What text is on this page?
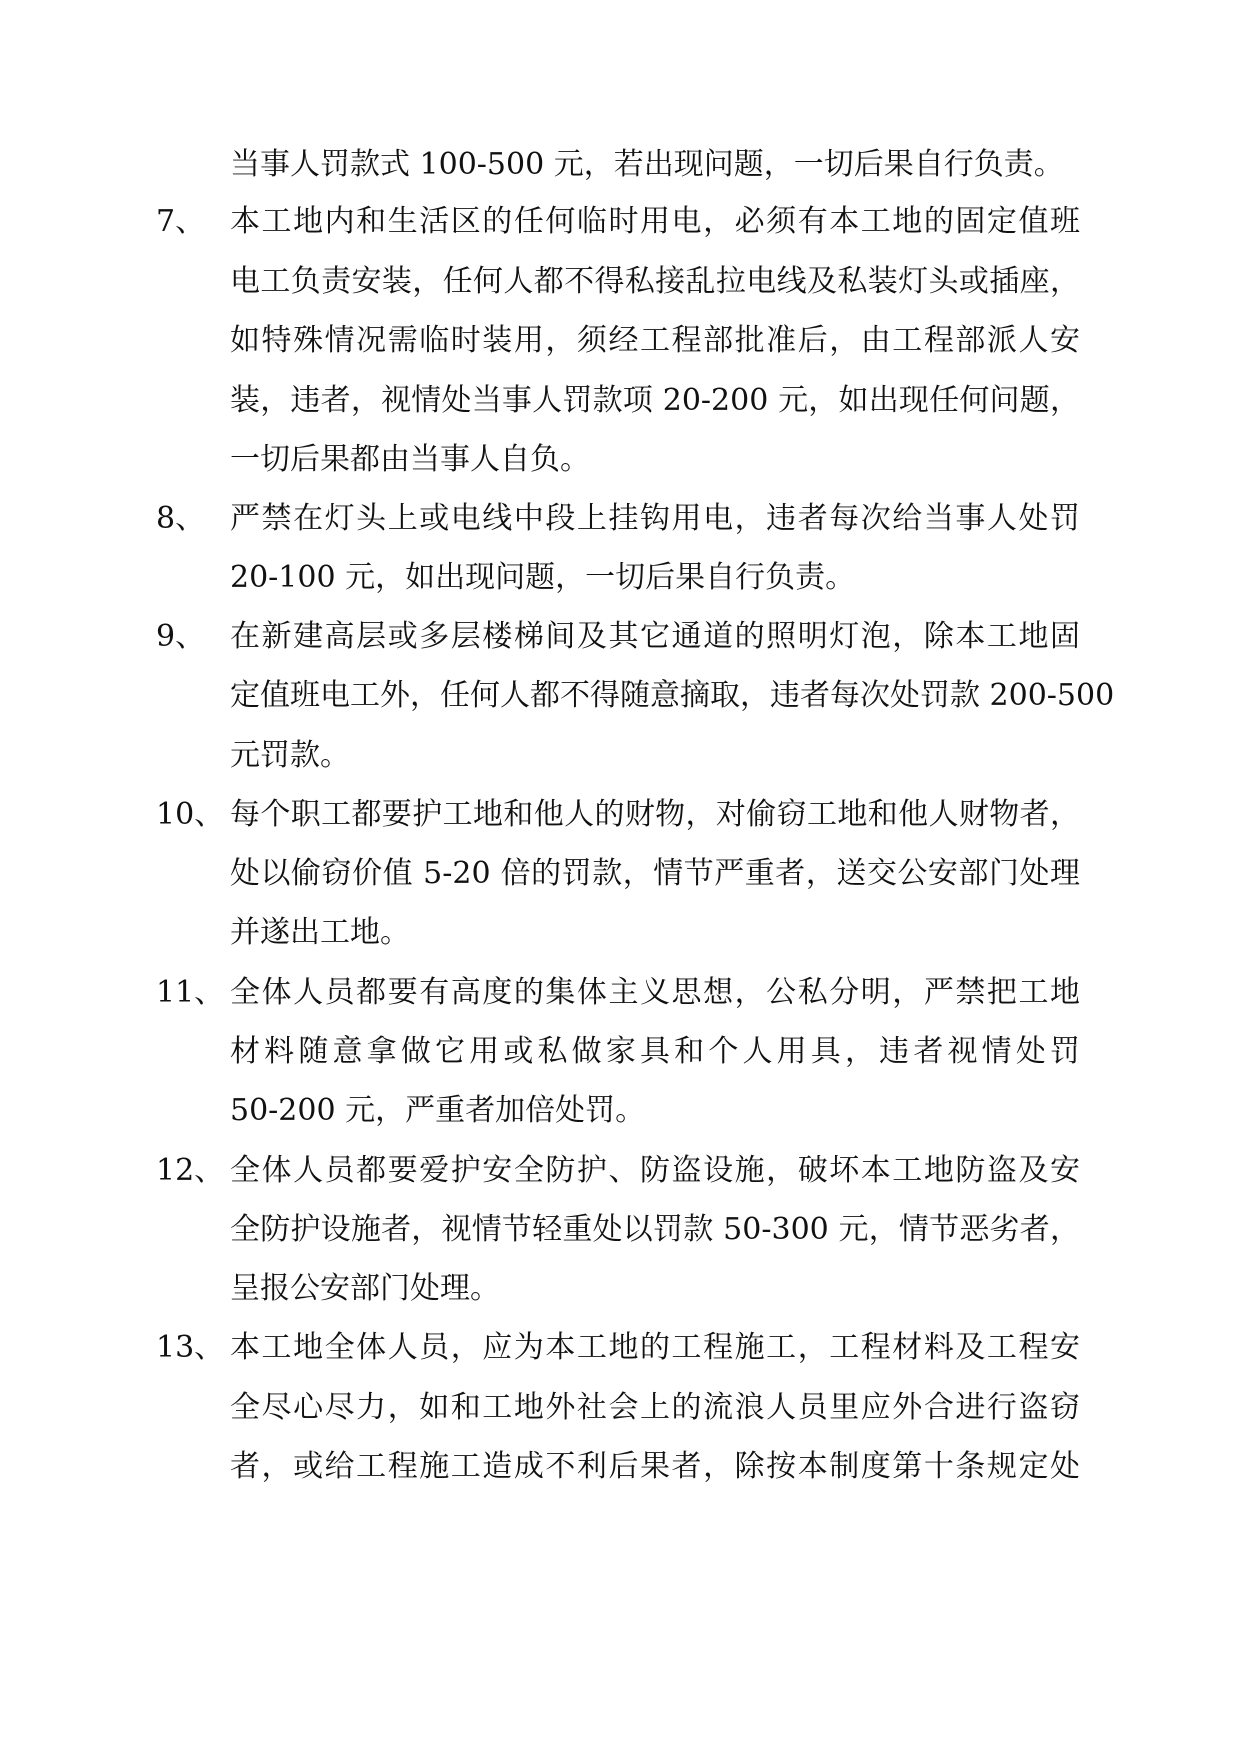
当事人罚款式 100-500 元，若出现问题，一切后果自行负责。
7、 本工地内和生活区的任何临时用电，必须有本工地的固定值班
电工负责安装，任何人都不得私接乱拉电线及私装灯头或插座，
如特殊情况需临时装用，须经工程部批准后，由工程部派人安
装，违者，视情处当事人罚款项 20-200 元，如出现任何问题，
一切后果都由当事人自负。
8、 严禁在灯头上或电线中段上挂钩用电，违者每次给当事人处罚
20-100 元，如出现问题，一切后果自行负责。
9、 在新建高层或多层楼梯间及其它通道的照明灯泡，除本工地固
定值班电工外，任何人都不得随意摘取，违者每次处罚款 200-500
元罚款。
10、 每个职工都要护工地和他人的财物，对偷窃工地和他人财物者，
处以偷窃价值 5-20 倍的罚款，情节严重者，送交公安部门处理
并遂出工地。
11、 全体人员都要有高度的集体主义思想，公私分明，严禁把工地
材料随意拿做它用或私做家具和个人用具，违者视情处罚
50-200 元，严重者加倍处罚。
12、 全体人员都要爱护安全防护、防盗设施，破坏本工地防盗及安
全防护设施者，视情节轻重处以罚款 50-300 元，情节恶劣者，
呈报公安部门处理。
13、 本工地全体人员，应为本工地的工程施工，工程材料及工程安
全尽心尽力，如和工地外社会上的流浪人员里应外合进行盗窃
者，或给工程施工造成不利后果者，除按本制度第十条规定处
